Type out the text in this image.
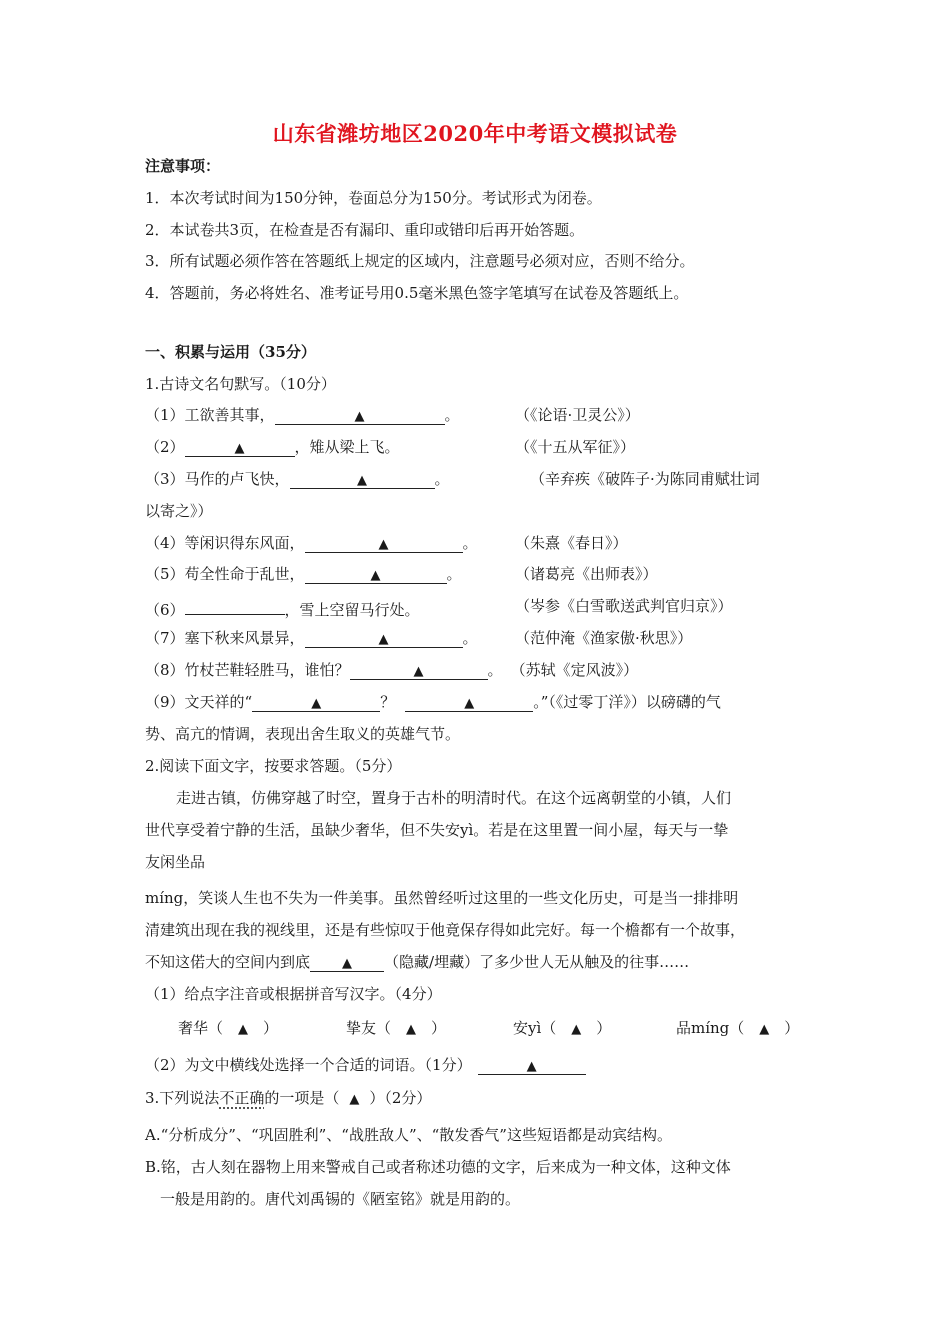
山东省潍坊地区2020年中考语文模拟试卷
注意事项：
1．本次考试时间为150分钟，卷面总分为150分。考试形式为闭卷。
2．本试卷共3页，在检查是否有漏印、重印或错印后再开始答题。
3．所有试题必须作答在答题纸上规定的区域内，注意题号必须对应，否则不给分。
4．答题前，务必将姓名、准考证号用0.5毫米黑色签字笔填写在试卷及答题纸上。
一、积累与运用（35分）
1.古诗文名句默写。（10分）
（1）工欲善其事，	▲	。	（《论语·卫灵公》）
（2）	▲	，雉从梁上飞。	（《十五从军征》）
（3）马作的卢飞快，	▲	。	（辛弃疾《破阵子·为陈同甫赋壮词
以寄之》）
（4）等闲识得东风面，	▲	。 （朱熹《春日》）
（5）苟全性命于乱世，	▲	。	（诸葛亮《出师表》）
（6）	，雪上空留马行处。	（岑参《白雪歌送武判官归京》）
（7）塞下秋来风景异，	▲	。 （范仲淹《渔家傲·秋思》）
（8）竹杖芒鞋轻胜马，谁怕？	▲	。 （苏轼《定风波》）
（9）文天祥的“	▲	？	▲	。”（《过零丁洋》）以磅礴的气
势、高亢的情调，表现出舍生取义的英雄气节。
2.阅读下面文字，按要求答题。（5分）
走进古镇，仿佛穿越了时空，置身于古朴的明清时代。在这个远离朝堂的小镇，人们
世代享受着宁静的生活，虽缺少奢华，但不失安yì。若是在这里置一间小屋，每天与一挚
友闲坐品
míng，笑谈人生也不失为一件美事。虽然曾经听过这里的一些文化历史，可是当一排排明
清建筑出现在我的视线里，还是有些惊叹于他竟保存得如此完好。每一个檐都有一个故事，
不知这偌大的空间内到底 ▲ （隐藏/埋藏）了多少世人无从触及的往事……
（1）给点字注音或根据拼音写汉字。（4分）
奢华（ ▲ ）	挚友（ ▲ ）	安yì（ ▲ ）	品míng（ ▲ ）
（2）为文中横线处选择一个合适的词语。（1分）	▲
3.下列说法不正确的一项是（ ▲ ）（2分）
A.“分析成分”、“巩固胜利”、“战胜敌人”、“散发香气”这些短语都是动宾结构。
B.铭，古人刻在器物上用来警戒自己或者称述功德的文字，后来成为一种文体，这种文体
一般是用韵的。唐代刘禹锡的《陋室铭》就是用韵的。
